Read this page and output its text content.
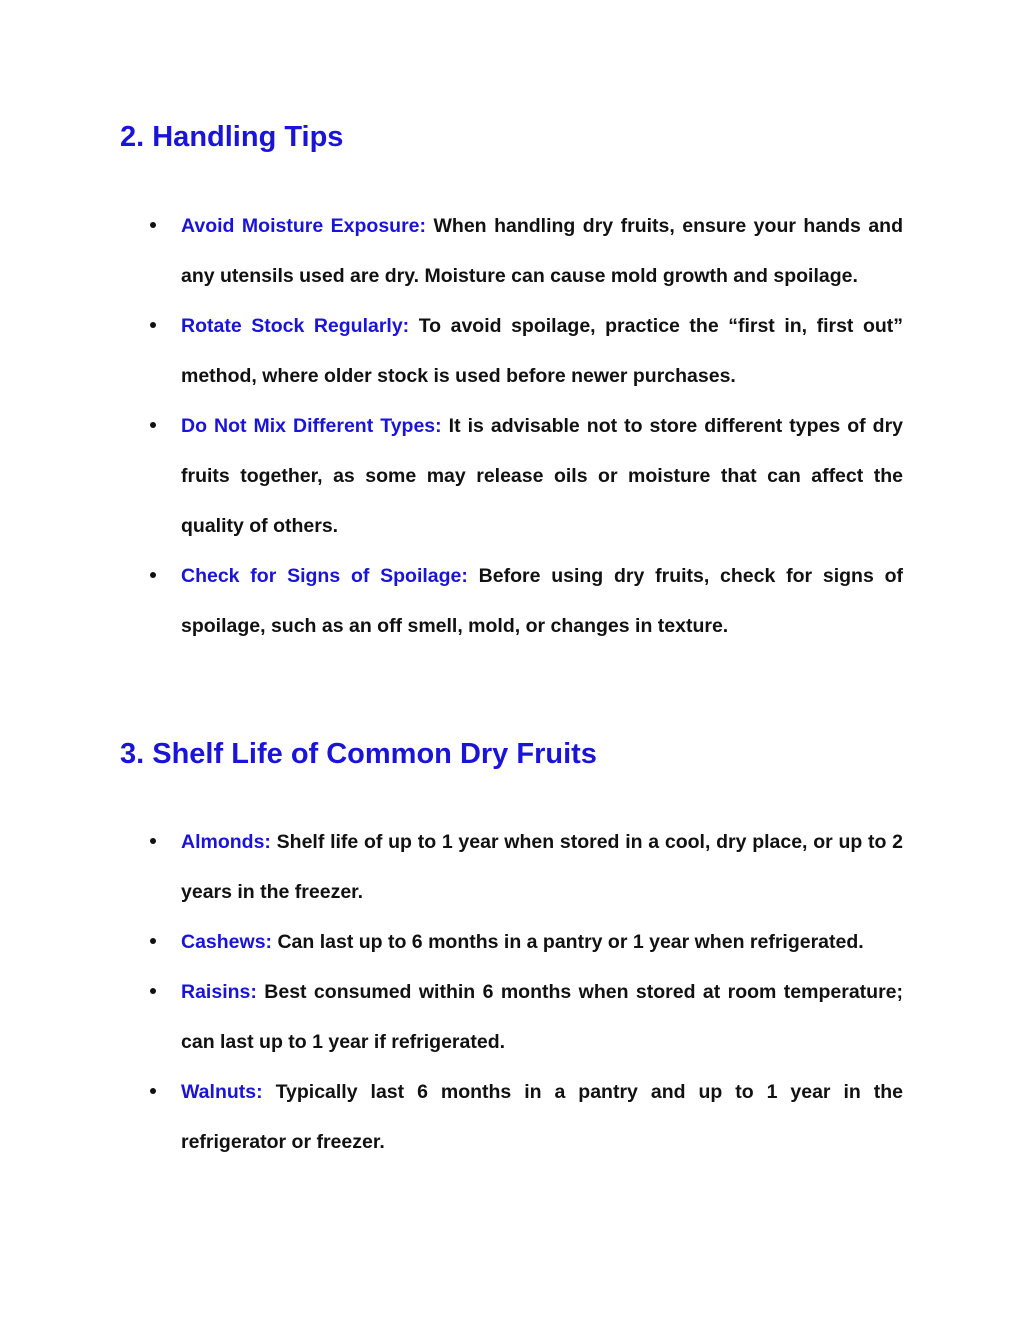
2. Handling Tips

Avoid Moisture Exposure: When handling dry fruits, ensure your hands and any utensils used are dry. Moisture can cause mold growth and spoilage.

Rotate Stock Regularly: To avoid spoilage, practice the “first in, first out” method, where older stock is used before newer purchases.

Do Not Mix Different Types: It is advisable not to store different types of dry fruits together, as some may release oils or moisture that can affect the quality of others.

Check for Signs of Spoilage: Before using dry fruits, check for signs of spoilage, such as an off smell, mold, or changes in texture.

3. Shelf Life of Common Dry Fruits

Almonds: Shelf life of up to 1 year when stored in a cool, dry place, or up to 2 years in the freezer.

Cashews: Can last up to 6 months in a pantry or 1 year when refrigerated.

Raisins: Best consumed within 6 months when stored at room temperature; can last up to 1 year if refrigerated.

Walnuts: Typically last 6 months in a pantry and up to 1 year in the refrigerator or freezer.
